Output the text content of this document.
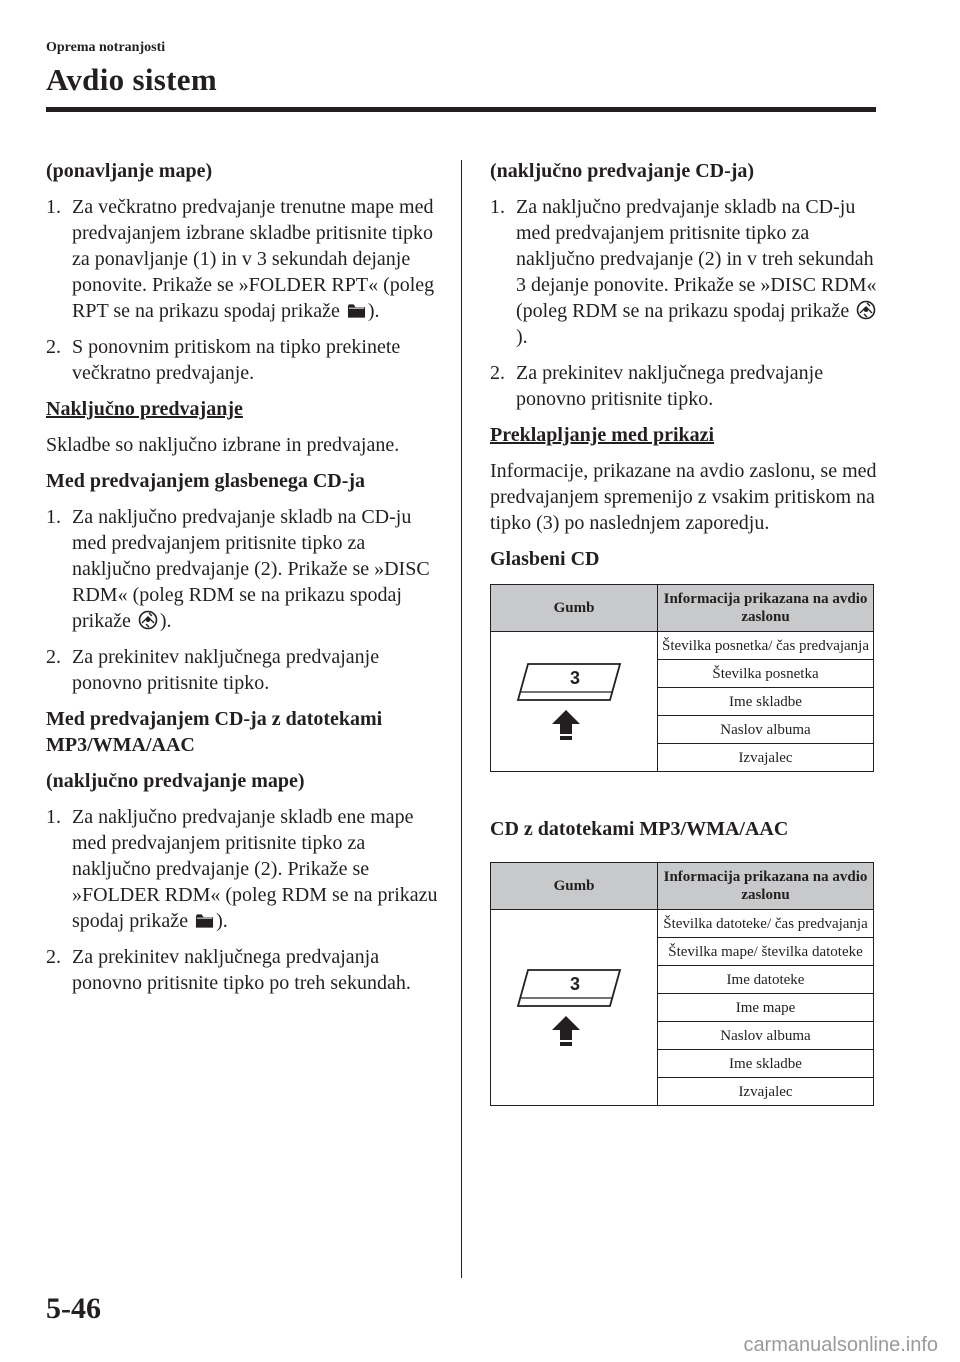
Oprema notranjosti
Avdio sistem

(ponavljanje mape)

1. Za večkratno predvajanje trenutne mape med predvajanjem izbrane skladbe pritisnite tipko za ponavljanje (1) in v 3 sekundah dejanje ponovite. Prikaže se »FOLDER RPT« (poleg RPT se na prikazu spodaj prikaže ).
2. S ponovnim pritiskom na tipko prekinete večkratno predvajanje.

Naključno predvajanje

Skladbe so naključno izbrane in predvajane.

Med predvajanjem glasbenega CD-ja

1. Za naključno predvajanje skladb na CD-ju med predvajanjem pritisnite tipko za naključno predvajanje (2). Prikaže se »DISC RDM« (poleg RDM se na prikazu spodaj prikaže ).
2. Za prekinitev naključnega predvajanje ponovno pritisnite tipko.

Med predvajanjem CD-ja z datotekami MP3/WMA/AAC

(naključno predvajanje mape)

1. Za naključno predvajanje skladb ene mape med predvajanjem pritisnite tipko za naključno predvajanje (2). Prikaže se »FOLDER RDM« (poleg RDM se na prikazu spodaj prikaže ).
2. Za prekinitev naključnega predvajanja ponovno pritisnite tipko po treh sekundah.

(naključno predvajanje CD-ja)

1. Za naključno predvajanje skladb na CD-ju med predvajanjem pritisnite tipko za naključno predvajanje (2) in v treh sekundah 3 dejanje ponovite. Prikaže se »DISC RDM« (poleg RDM se na prikazu spodaj prikaže ).
2. Za prekinitev naključnega predvajanje ponovno pritisnite tipko.

Preklapljanje med prikazi

Informacije, prikazane na avdio zaslonu, se med predvajanjem spremenijo z vsakim pritiskom na tipko (3) po naslednjem zaporedju.

Glasbeni CD

Gumb	Informacija prikazana na avdio zaslonu
	Številka posnetka/ čas predvajanja
	Številka posnetka
	Ime skladbe
	Naslov albuma
	Izvajalec

CD z datotekami MP3/WMA/AAC

Gumb	Informacija prikazana na avdio zaslonu
	Številka datoteke/ čas predvajanja
	Številka mape/ številka datoteke
	Ime datoteke
	Ime mape
	Naslov albuma
	Ime skladbe
	Izvajalec
5-46
carmanualsonline.info
